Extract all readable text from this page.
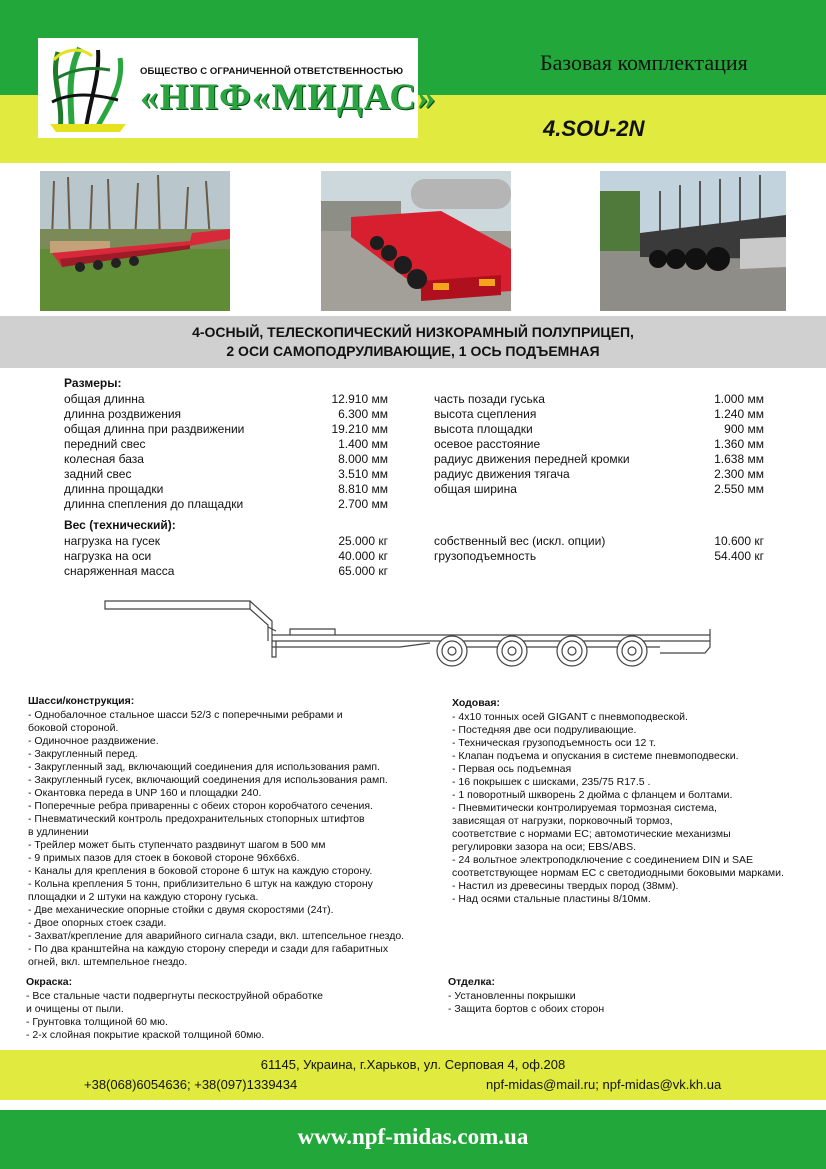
ОБЩЕСТВО С ОГРАНИЧЕННОЙ ОТВЕТСТВЕННОСТЬЮ
«НПФ«МИДАС»
Базовая комплектация
4.SOU-2N
4-ОСНЫЙ, ТЕЛЕСКОПИЧЕСКИЙ НИЗКОРАМНЫЙ ПОЛУПРИЦЕП,
2 ОСИ САМОПОДРУЛИВАЮЩИЕ, 1 ОСЬ ПОДЪЕМНАЯ
Размеры:
общая длинна	12.910 мм
длинна роздвижения	6.300 мм
общая длинна при раздвижении	19.210 мм
передний свес	1.400 мм
колесная база	8.000 мм
задний свес	3.510 мм
длинна прощадки	8.810 мм
длинна спепления до плащадки	2.700 мм
часть позади гуська	1.000 мм
высота сцепления	1.240 мм
высота площадки	900 мм
осевое расстояние	1.360 мм
радиус движения передней кромки	1.638 мм
радиус движения тягача	2.300 мм
общая ширина	2.550 мм
Вес (технический):
нагрузка на гусек	25.000 кг
нагрузка на оси	40.000 кг
снаряженная масса	65.000 кг
собственный вес (искл. опции)	10.600 кг
грузоподъемность	54.400 кг
Шасси/конструкция:
- Однобалочное стальное шасси 52/3 с поперечными ребрами и
боковой стороной.
- Одиночное раздвижение.
- Закругленный перед.
- Закругленный зад, включающий соединения для использования рамп.
- Закругленный гусек, включающий соединения для использования рамп.
- Окантовка переда в UNP 160 и площадки 240.
- Поперечные ребра приваренны с обеих сторон коробчатого сечения.
- Пневматический контроль предохранительных стопорных штифтов
в удлинении
- Трейлер может быть ступенчато раздвинут шагом в 500 мм
- 9 примых пазов для стоек в боковой стороне 96х66х6.
- Каналы для крепления в боковой стороне 6 штук на каждую сторону.
- Кольна крепления 5 тонн, приблизительно 6 штук на каждую сторону
площадки и 2 штуки на каждую сторону гуська.
- Две механические опорные стойки с двумя скоростями (24т).
- Двое опорных стоек сзади.
- Захват/крепление для аварийного сигнала сзади, вкл. штепсельное гнездо.
- По два кранштейна на каждую сторону спереди и сзади для габаритных
огней, вкл. штемпельное гнездо.
Ходовая:
- 4х10 тонных осей GIGANT с пневмоподвеской.
- Постедняя две оси подруливающие.
- Техническая грузоподъемность оси 12 т.
- Клапан подъема и опускания в системе пневмоподвески.
- Первая ось подъемная
- 16 покрышек с шисками, 235/75 R17.5 .
- 1 поворотный шкворень 2 дюйма с фланцем и болтами.
- Пневмитически контролируемая тормозная система,
зависящая от нагрузки, порковочный тормоз,
соответствие с нормами ЕС; автомотические механизмы
регулировки зазора на оси; EBS/ABS.
- 24 вольтное электроподключение с соединением DIN и SAE
соответствующее нормам ЕС с светодиодными боковыми марками.
- Настил из древесины твердых пород (38мм).
- Над осями стальные пластины 8/10мм.
Окраска:
- Все стальные части подвергнуты пескоструйной обработке
и очищены от пыли.
- Грунтовка толщиной 60 мю.
- 2-х слойная покрытие краской толщиной 60мю.
Отделка:
- Установленны покрышки
- Защита бортов с обоих сторон
61145, Украина, г.Харьков, ул. Серповая 4, оф.208
+38(068)6054636; +38(097)1339434	npf-midas@mail.ru; npf-midas@vk.kh.ua
www.npf-midas.com.ua
